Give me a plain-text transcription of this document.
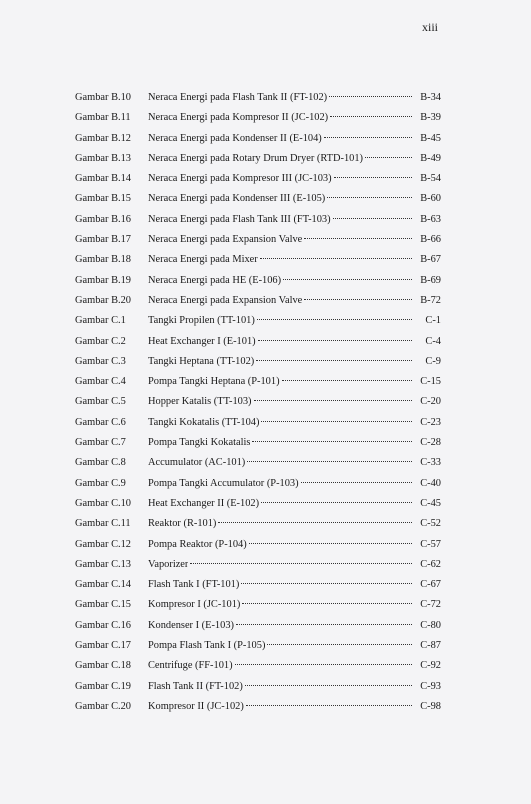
xiii
Gambar B.10	Neraca Energi pada Flash Tank II (FT-102)	B-34
Gambar B.11	Neraca Energi pada Kompresor II (JC-102)	B-39
Gambar B.12	Neraca Energi pada Kondenser II (E-104)	B-45
Gambar B.13	Neraca Energi pada Rotary Drum Dryer (RTD-101)	B-49
Gambar B.14	Neraca Energi pada Kompresor III (JC-103)	B-54
Gambar B.15	Neraca Energi pada Kondenser III (E-105)	B-60
Gambar B.16	Neraca Energi pada Flash Tank III (FT-103)	B-63
Gambar B.17	Neraca Energi pada Expansion Valve	B-66
Gambar B.18	Neraca Energi pada Mixer	B-67
Gambar B.19	Neraca Energi pada HE (E-106)	B-69
Gambar B.20	Neraca Energi pada Expansion Valve	B-72
Gambar C.1	Tangki Propilen (TT-101)	C-1
Gambar C.2	Heat Exchanger I (E-101)	C-4
Gambar C.3	Tangki Heptana (TT-102)	C-9
Gambar C.4	Pompa Tangki Heptana (P-101)	C-15
Gambar C.5	Hopper Katalis (TT-103)	C-20
Gambar C.6	Tangki Kokatalis (TT-104)	C-23
Gambar C.7	Pompa Tangki Kokatalis	C-28
Gambar C.8	Accumulator (AC-101)	C-33
Gambar C.9	Pompa Tangki Accumulator (P-103)	C-40
Gambar C.10	Heat Exchanger II (E-102)	C-45
Gambar C.11	Reaktor (R-101)	C-52
Gambar C.12	Pompa Reaktor (P-104)	C-57
Gambar C.13	Vaporizer	C-62
Gambar C.14	Flash Tank I (FT-101)	C-67
Gambar C.15	Kompresor I (JC-101)	C-72
Gambar C.16	Kondenser I (E-103)	C-80
Gambar C.17	Pompa Flash Tank I (P-105)	C-87
Gambar C.18	Centrifuge (FF-101)	C-92
Gambar C.19	Flash Tank II (FT-102)	C-93
Gambar C.20	Kompresor II (JC-102)	C-98
